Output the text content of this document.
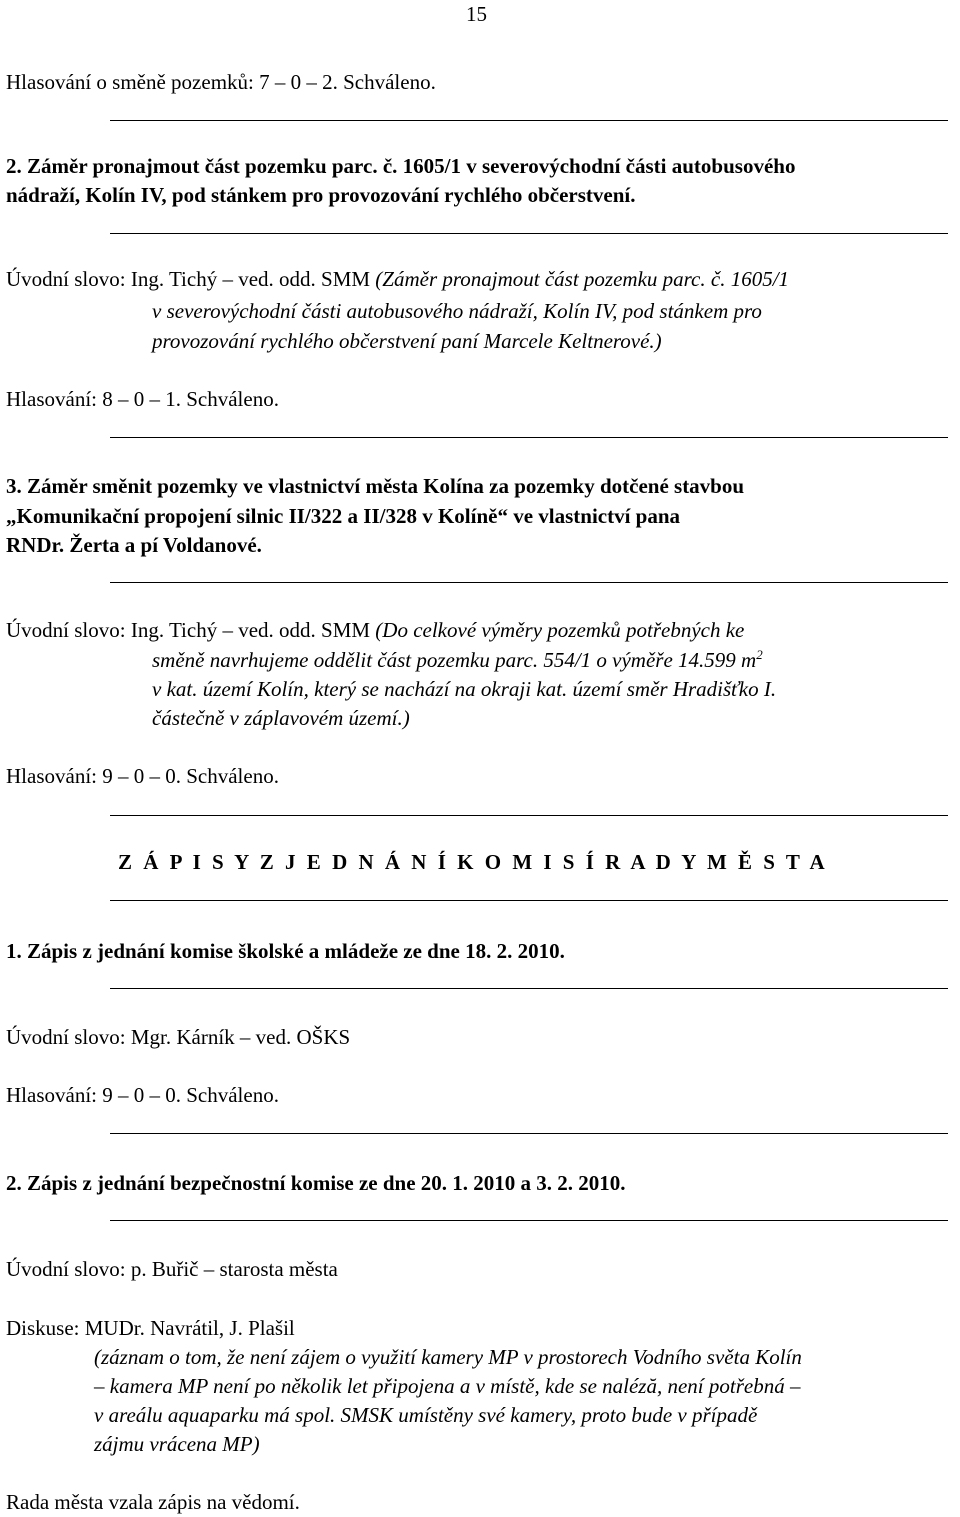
15
Hlasování o směně pozemků: 7 – 0 – 2. Schváleno.
2. Záměr pronajmout část pozemku parc. č. 1605/1 v severovýchodní části autobusového
nádraží, Kolín IV, pod stánkem pro provozování rychlého občerstvení.
Úvodní slovo: Ing. Tichý – ved. odd. SMM (Záměr pronajmout část pozemku parc. č. 1605/1
v severovýchodní části autobusového nádraží, Kolín IV, pod stánkem pro
provozování rychlého občerstvení paní Marcele Keltnerové.)
Hlasování: 8 – 0 – 1. Schváleno.
3. Záměr směnit pozemky ve vlastnictví města Kolína za pozemky dotčené stavbou
„Komunikační propojení silnic II/322 a II/328 v Kolíně“ ve vlastnictví pana
RNDr. Žerta a pí Voldanové.
Úvodní slovo: Ing. Tichý – ved. odd. SMM (Do celkové výměry pozemků potřebných ke
směně navrhujeme oddělit část pozemku parc. 554/1 o výměře 14.599 $m^2$
v kat. území Kolín, který se nachází na okraji kat. území směr Hradišťko I.
částečně v záplavovém území.)
Hlasování: 9 – 0 – 0. Schváleno.
Z Á P I S Y Z J E D N Á N Í K O M I S Í R A D Y M Ě S T A
1. Zápis z jednání komise školské a mládeže ze dne 18. 2. 2010.
Úvodní slovo: Mgr. Kárník – ved. OŠKS
Hlasování: 9 – 0 – 0. Schváleno.
2. Zápis z jednání bezpečnostní komise ze dne 20. 1. 2010 a 3. 2. 2010.
Úvodní slovo: p. Buřič – starosta města
Diskuse: MUDr. Navrátil, J. Plašil
(záznam o tom, že není zájem o využití kamery MP v prostorech Vodního světa Kolín
– kamera MP není po několik let připojena a v místě, kde se naléză, není potřebná –
v areálu aquaparku má spol. SMSK umístěny své kamery, proto bude v případě
zájmu vrácena MP)
Rada města vzala zápis na vědomí.
